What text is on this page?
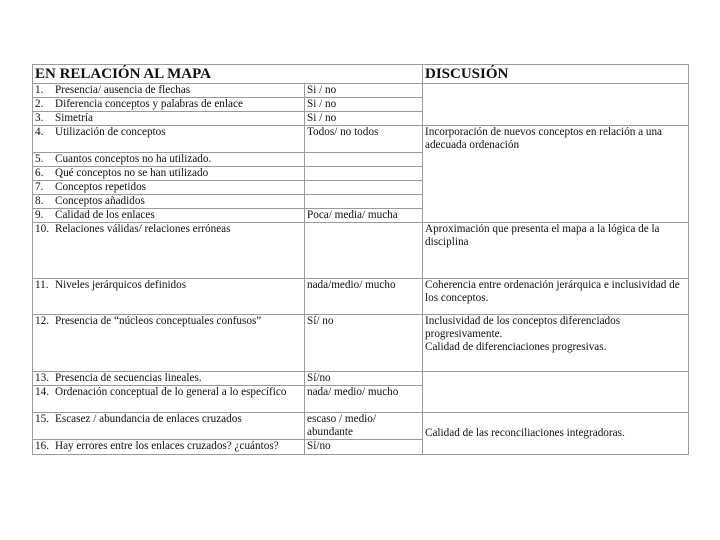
EN RELACIÓN AL MAPA		DISCUSIÓN

1. Presencia/ ausencia de flechas	Si / no	

2. Diferencia conceptos y palabras de enlace	Si / no	

3. Simetría	Si / no	

4. Utilización de conceptos	Todos/ no todos	Incorporación de nuevos conceptos en relación a una adecuada ordenación

5. Cuantos conceptos no ha utilizado.		

6. Qué conceptos no se han utilizado		

7. Conceptos repetidos		

8. Conceptos añadidos		

9. Calidad de los enlaces	Poca/ media/ mucha	

10. Relaciones válidas/ relaciones erróneas		Aproximación que presenta el mapa a la lógica de la disciplina

11. Niveles jerárquicos definidos	nada/medio/ mucho	Coherencia entre ordenación jerárquica e inclusividad de los conceptos.

12. Presencia de “núcleos conceptuales confusos”	Sí/ no	Inclusividad de los conceptos diferenciados progresivamente.
Calidad de diferenciaciones progresivas.

13. Presencia de secuencias lineales.	Sí/no	

14. Ordenación conceptual de lo general a lo específico	nada/ medio/ mucho	

15. Escasez / abundancia de enlaces cruzados	escaso / medio/ abundante	Calidad de las reconciliaciones integradoras.

16. Hay errores entre los enlaces cruzados? ¿cuántos?	Sí/no	
